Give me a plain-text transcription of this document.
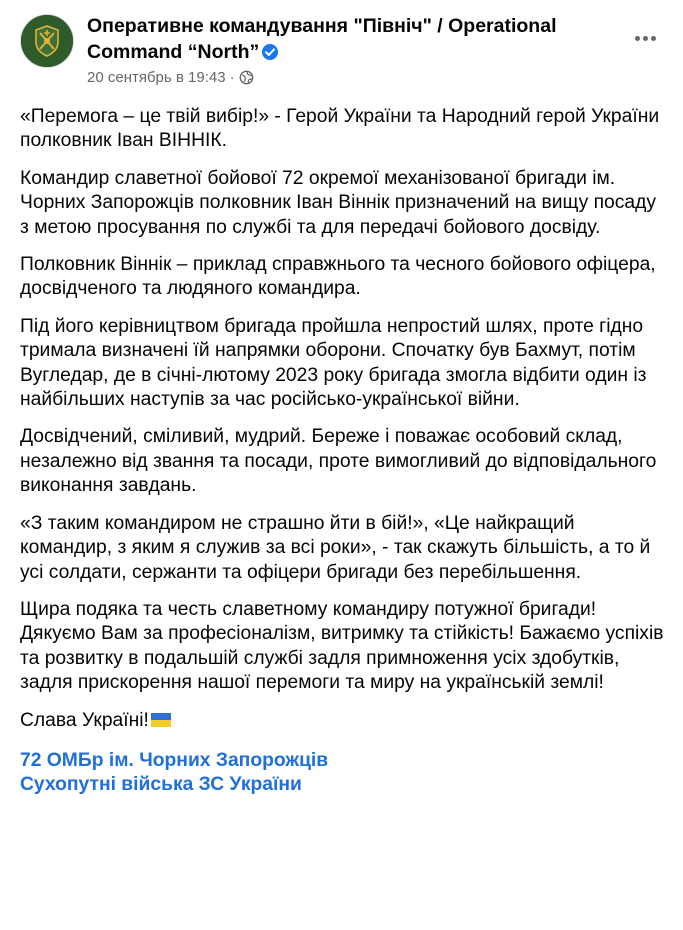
Оперативне командування "Північ" / Operational Command “North”
20 сентябрь в 19:43 ·

«Перемога – це твій вибір!» - Герой України та Народний герой України полковник Іван ВІННІК.

Командир славетної бойової 72 окремої механізованої бригади ім. Чорних Запорожців полковник Іван Віннік призначений на вищу посаду з метою просування по службі та для передачі бойового досвіду.

Полковник Віннік – приклад справжнього та чесного бойового офіцера, досвідченого та людяного командира.

Під його керівництвом бригада пройшла непростий шлях, проте гідно тримала визначені їй напрямки оборони. Спочатку був Бахмут, потім Вугледар, де в січні-лютому 2023 року бригада змогла відбити один із найбільших наступів за час російсько-української війни.

Досвідчений, сміливий, мудрий. Береже і поважає особовий склад, незалежно від звання та посади, проте вимогливий до відповідального виконання завдань.

«З таким командиром не страшно йти в бій!», «Це найкращий командир, з яким я служив за всі роки», - так скажуть більшість, а то й усі солдати, сержанти та офіцери бригади без перебільшення.

Щира подяка та честь славетному командиру потужної бригади! Дякуємо Вам за професіоналізм, витримку та стійкість! Бажаємо успіхів та розвитку в подальшій службі задля примноження усіх здобутків, задля прискорення нашої перемоги та миру на українській землі!

Слава Україні!

72 ОМБр ім. Чорних Запорожців
Сухопутні війська ЗС України
